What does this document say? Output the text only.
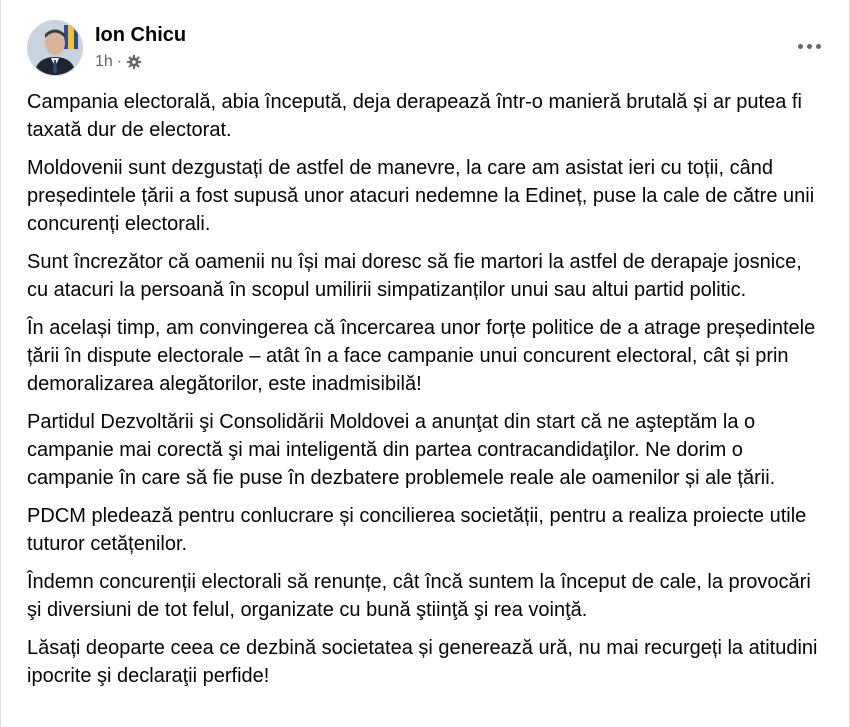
Ion Chicu
1h ·

Campania electorală, abia începută, deja derapează într-o manieră brutală și ar putea fi taxată dur de electorat.

Moldovenii sunt dezgustați de astfel de manevre, la care am asistat ieri cu toții, când președintele țării a fost supusă unor atacuri nedemne la Edineț, puse la cale de către unii concurenți electorali.

Sunt încrezător că oamenii nu își mai doresc să fie martori la astfel de derapaje josnice, cu atacuri la persoană în scopul umilirii simpatizanților unui sau altui partid politic.

În același timp, am convingerea că încercarea unor forțe politice de a atrage președintele țării în dispute electorale – atât în a face campanie unui concurent electoral, cât și prin demoralizarea alegătorilor, este inadmisibilă!

Partidul Dezvoltării şi Consolidării Moldovei a anunţat din start că ne aşteptăm la o campanie mai corectă şi mai inteligentă din partea contracandidaţilor. Ne dorim o campanie în care să fie puse în dezbatere problemele reale ale oamenilor și ale țării.

PDCM pledează pentru conlucrare și concilierea societății, pentru a realiza proiecte utile tuturor cetățenilor.

Îndemn concurenții electorali să renunțe, cât încă suntem la început de cale, la provocări şi diversiuni de tot felul, organizate cu bună ştiinţă şi rea voinţă.

Lăsați deoparte ceea ce dezbină societatea și generează ură, nu mai recurgeți la atitudini ipocrite şi declaraţii perfide!
